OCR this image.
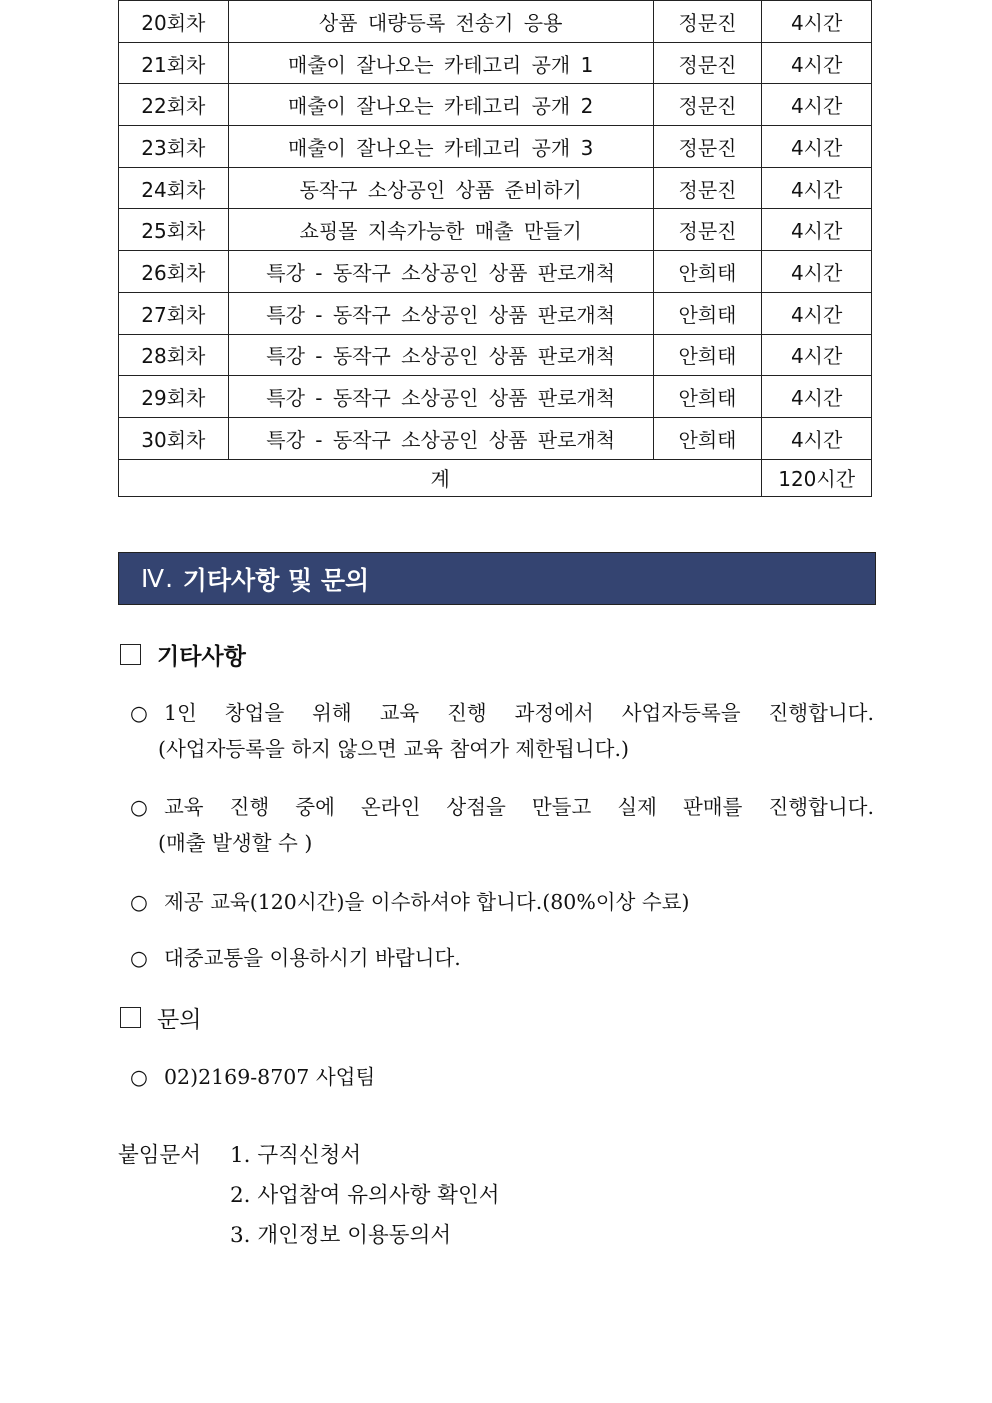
20회차	상품 대량등록 전송기 응용	정문진	4시간
21회차	매출이 잘나오는 카테고리 공개 1	정문진	4시간
22회차	매출이 잘나오는 카테고리 공개 2	정문진	4시간
23회차	매출이 잘나오는 카테고리 공개 3	정문진	4시간
24회차	동작구 소상공인 상품 준비하기	정문진	4시간
25회차	쇼핑몰 지속가능한 매출 만들기	정문진	4시간
26회차	특강 - 동작구 소상공인 상품 판로개척	안희태	4시간
27회차	특강 - 동작구 소상공인 상품 판로개척	안희태	4시간
28회차	특강 - 동작구 소상공인 상품 판로개척	안희태	4시간
29회차	특강 - 동작구 소상공인 상품 판로개척	안희태	4시간
30회차	특강 - 동작구 소상공인 상품 판로개척	안희태	4시간
계			120시간
Ⅳ.
기타사항 및 문의
기타사항
○ 1인 창업을 위해 교육 진행 과정에서 사업자등록을 진행합니다.
(사업자등록을 하지 않으면 교육 참여가 제한됩니다.)
○ 교육 진행 중에 온라인 상점을 만들고 실제 판매를 진행합니다.
(매출 발생할 수 )
○ 제공 교육(120시간)을 이수하셔야 합니다.(80%이상 수료)
○ 대중교통을 이용하시기 바랍니다.
문의
○ 02)2169-8707 사업팀
붙임문서 1. 구직신청서
2. 사업참여 유의사항 확인서
3. 개인정보 이용동의서
